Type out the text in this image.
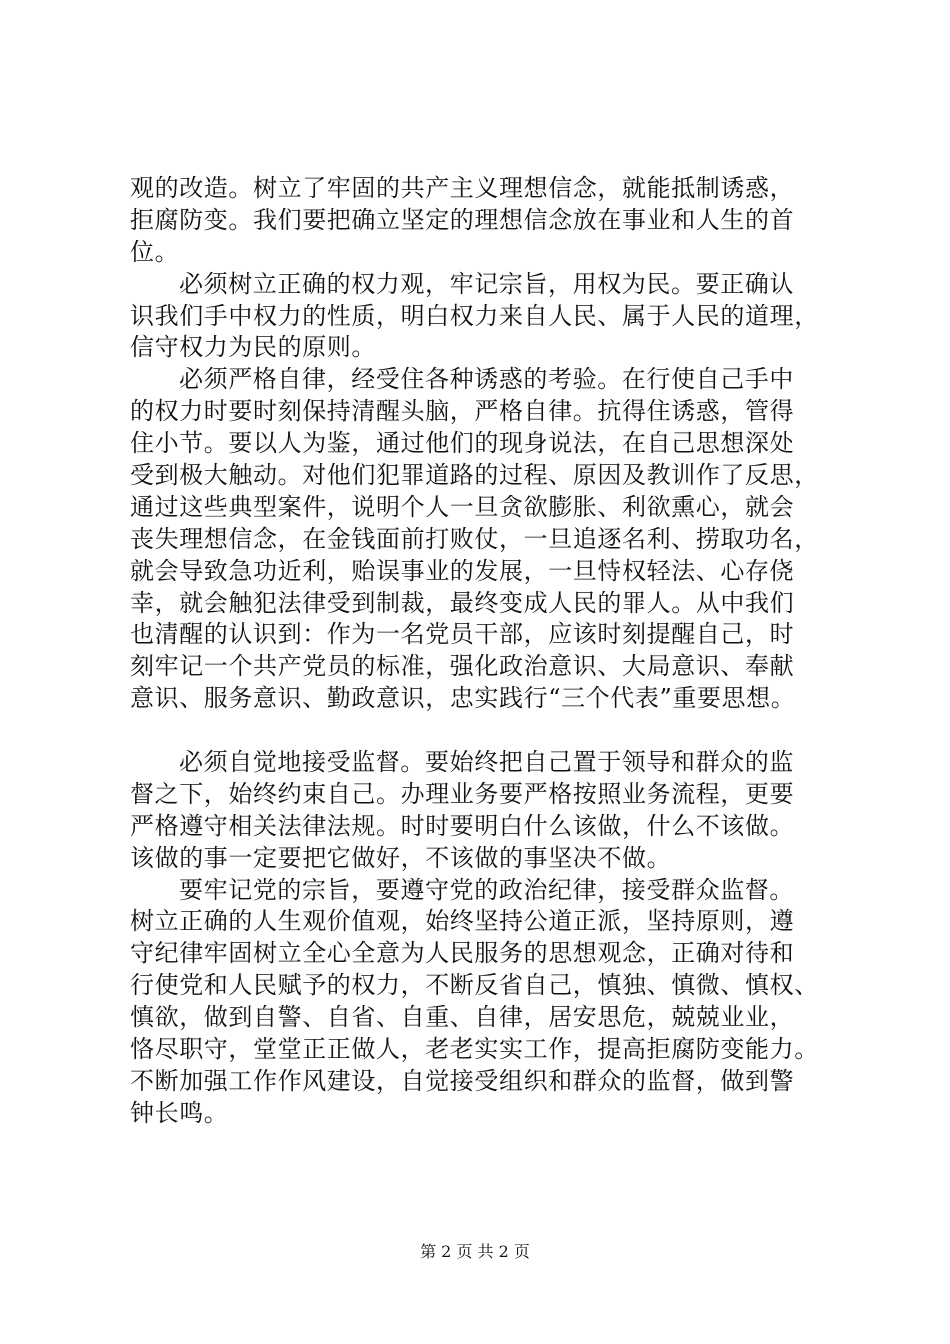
观的改造。树立了牢固的共产主义理想信念，就能抵制诱惑，
拒腐防变。我们要把确立坚定的理想信念放在事业和人生的首
位。
必须树立正确的权力观，牢记宗旨，用权为民。要正确认
识我们手中权力的性质，明白权力来自人民、属于人民的道理，
信守权力为民的原则。
必须严格自律，经受住各种诱惑的考验。在行使自己手中
的权力时要时刻保持清醒头脑，严格自律。抗得住诱惑，管得
住小节。要以人为鉴，通过他们的现身说法，在自己思想深处
受到极大触动。对他们犯罪道路的过程、原因及教训作了反思，
通过这些典型案件，说明个人一旦贪欲膨胀、利欲熏心，就会
丧失理想信念，在金钱面前打败仗，一旦追逐名利、捞取功名，
就会导致急功近利，贻误事业的发展，一旦恃权轻法、心存侥
幸，就会触犯法律受到制裁，最终变成人民的罪人。从中我们
也清醒的认识到：作为一名党员干部，应该时刻提醒自己，时
刻牢记一个共产党员的标准，强化政治意识、大局意识、奉献
意识、服务意识、勤政意识，忠实践行“三个代表”重要思想。
必须自觉地接受监督。要始终把自己置于领导和群众的监
督之下，始终约束自己。办理业务要严格按照业务流程，更要
严格遵守相关法律法规。时时要明白什么该做，什么不该做。
该做的事一定要把它做好，不该做的事坚决不做。
要牢记党的宗旨，要遵守党的政治纪律，接受群众监督。
树立正确的人生观价值观，始终坚持公道正派，坚持原则，遵
守纪律牢固树立全心全意为人民服务的思想观念，正确对待和
行使党和人民赋予的权力，不断反省自己，慎独、慎微、慎权、
慎欲，做到自警、自省、自重、自律，居安思危，兢兢业业，
恪尽职守，堂堂正正做人，老老实实工作，提高拒腐防变能力。
不断加强工作作风建设，自觉接受组织和群众的监督，做到警
钟长鸣。
第 2 页 共 2 页
